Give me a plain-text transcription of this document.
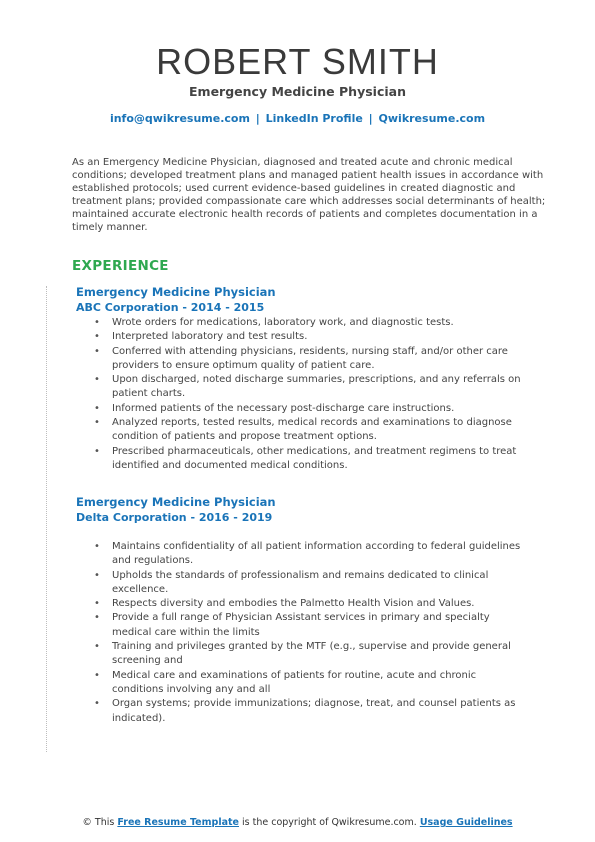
ROBERT SMITH
Emergency Medicine Physician
info@qwikresume.com | LinkedIn Profile | Qwikresume.com
As an Emergency Medicine Physician, diagnosed and treated acute and chronic medical conditions; developed treatment plans and managed patient health issues in accordance with established protocols; used current evidence-based guidelines in created diagnostic and treatment plans; provided compassionate care which addresses social determinants of health; maintained accurate electronic health records of patients and completes documentation in a timely manner.
EXPERIENCE
Emergency Medicine Physician
ABC Corporation - 2014 - 2015
• Wrote orders for medications, laboratory work, and diagnostic tests.
• Interpreted laboratory and test results.
• Conferred with attending physicians, residents, nursing staff, and/or other care providers to ensure optimum quality of patient care.
• Upon discharged, noted discharge summaries, prescriptions, and any referrals on patient charts.
• Informed patients of the necessary post-discharge care instructions.
• Analyzed reports, tested results, medical records and examinations to diagnose condition of patients and propose treatment options.
• Prescribed pharmaceuticals, other medications, and treatment regimens to treat identified and documented medical conditions.
Emergency Medicine Physician
Delta Corporation - 2016 - 2019
• Maintains confidentiality of all patient information according to federal guidelines and regulations.
• Upholds the standards of professionalism and remains dedicated to clinical excellence.
• Respects diversity and embodies the Palmetto Health Vision and Values.
• Provide a full range of Physician Assistant services in primary and specialty medical care within the limits
• Training and privileges granted by the MTF (e.g., supervise and provide general screening and
• Medical care and examinations of patients for routine, acute and chronic conditions involving any and all
• Organ systems; provide immunizations; diagnose, treat, and counsel patients as indicated).
© This Free Resume Template is the copyright of Qwikresume.com. Usage Guidelines
